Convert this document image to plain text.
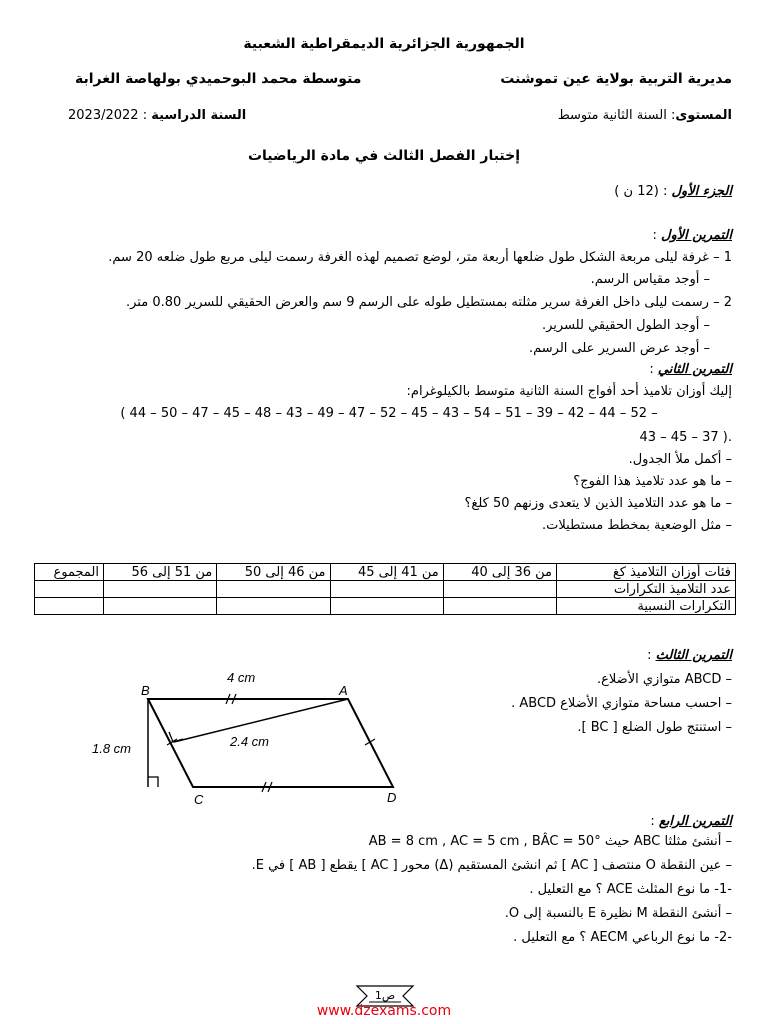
الجمهورية الجزائرية الديمقراطية الشعبية
مديرية التربية بولاية عين تموشنت
متوسطة محمد البوحميدي بولهاصة الغرابة
المستوى: السنة الثانية متوسط
السنة الدراسية : 2023/2022
إختبار الفصل الثالث في مادة الرياضيات
الجزء الأول : (12 ن )
التمرين الأول :
1 – غرفة ليلى مربعة الشكل طول ضلعها أربعة متر، لوضع تصميم لهذه الغرفة رسمت ليلى مربع طول ضلعه 20 سم.
– أوجد مقياس الرسم.
2 – رسمت ليلى داخل الغرفة سرير مثلته بمستطيل طوله على الرسم 9 سم والعرض الحقيقي للسرير 0.80 متر.
– أوجد الطول الحقيقي للسرير.
– أوجد عرض السرير على الرسم.
التمرين الثاني :
إليك أوزان تلاميذ أحد أفواج السنة الثانية متوسط بالكيلوغرام:
( 44 – 50 – 47 – 45 – 48 – 43 – 49 – 47 – 52 – 45 – 43 – 54 – 51 – 39 – 42 – 44 – 52 –
43 – 45 – 37 ).
– أكمل ملأ الجدول.
– ما هو عدد تلاميذ هذا الفوج؟
– ما هو عدد التلاميذ الذين لا يتعدى وزنهم 50 كلغ؟
– مثل الوضعية بمخطط مستطيلات.
فئات أوزان التلاميذ كغ	من 36 إلى 40	من 41 إلى 45	من 46 إلى 50	من 51 إلى 56	المجموع
عدد التلاميذ التكرارات					
التكرارات النسبية					
التمرين الثالث :
– ABCD متوازي الأضلاع.
– احسب مساحة متوازي الأضلاع ABCD .
– استنتج طول الضلع [ BC ].
B	A
C	D
4 cm
2.4 cm
1.8 cm
التمرين الرابع :
– أنشئ مثلثا ABC حيث °AB = 8 cm , AC = 5 cm , BÂC = 50
– عين النقطة O منتصف [ AC ] ثم انشئ المستقيم (Δ) محور [ AC ] يقطع [ AB ] في E.
-1- ما نوع المثلث ACE ؟ مع التعليل .
– أنشئ النقطة M نظيرة E بالنسبة إلى O.
-2- ما نوع الرباعي AECM ؟ مع التعليل .
1ص
www.dzexams.com
